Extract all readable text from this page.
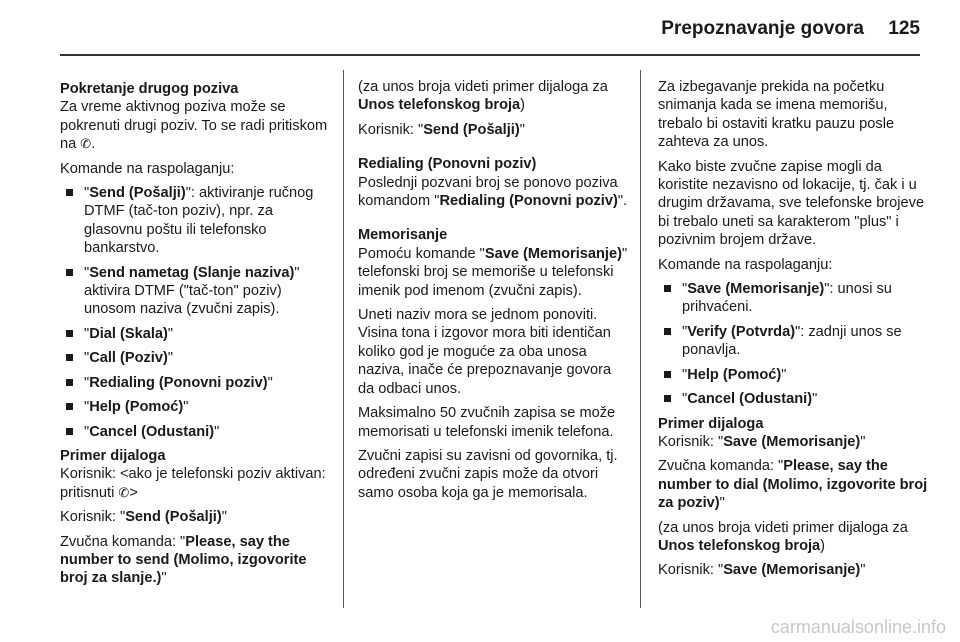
Prepoznavanje govora 125

Pokretanje drugog poziva

Za vreme aktivnog poziva može se pokrenuti drugi poziv. To se radi pritiskom na ✆.

Komande na raspolaganju:

"Send (Pošalji)": aktiviranje ručnog DTMF (tač-ton poziv), npr. za glasovnu poštu ili telefonsko bankarstvo.
"Send nametag (Slanje naziva)" aktivira DTMF ("tač-ton" poziv) unosom naziva (zvučni zapis).
"Dial (Skala)"
"Call (Poziv)"
"Redialing (Ponovni poziv)"
"Help (Pomoć)"
"Cancel (Odustani)"

Primer dijaloga

Korisnik: <ako je telefonski poziv aktivan: pritisnuti ✆>

Korisnik: "Send (Pošalji)"

Zvučna komanda: "Please, say the number to send (Molimo, izgovorite broj za slanje.)"

(za unos broja videti primer dijaloga za Unos telefonskog broja)

Korisnik: "Send (Pošalji)"

Redialing (Ponovni poziv)

Poslednji pozvani broj se ponovo poziva komandom "Redialing (Ponovni poziv)".

Memorisanje

Pomoću komande "Save (Memorisanje)" telefonski broj se memoriše u telefonski imenik pod imenom (zvučni zapis).

Uneti naziv mora se jednom ponoviti. Visina tona i izgovor mora biti identičan koliko god je moguće za oba unosa naziva, inače će prepoznavanje govora da odbaci unos.

Maksimalno 50 zvučnih zapisa se može memorisati u telefonski imenik telefona.

Zvučni zapisi su zavisni od govornika, tj. određeni zvučni zapis može da otvori samo osoba koja ga je memorisala.

Za izbegavanje prekida na početku snimanja kada se imena memorišu, trebalo bi ostaviti kratku pauzu posle zahteva za unos.

Kako biste zvučne zapise mogli da koristite nezavisno od lokacije, tj. čak i u drugim državama, sve telefonske brojeve bi trebalo uneti sa karakterom "plus" i pozivnim brojem države.

Komande na raspolaganju:

"Save (Memorisanje)": unosi su prihvaćeni.
"Verify (Potvrda)": zadnji unos se ponavlja.
"Help (Pomoć)"
"Cancel (Odustani)"

Primer dijaloga

Korisnik: "Save (Memorisanje)"

Zvučna komanda: "Please, say the number to dial (Molimo, izgovorite broj za poziv)"

(za unos broja videti primer dijaloga za Unos telefonskog broja)

Korisnik: "Save (Memorisanje)"

carmanualsonline.info
